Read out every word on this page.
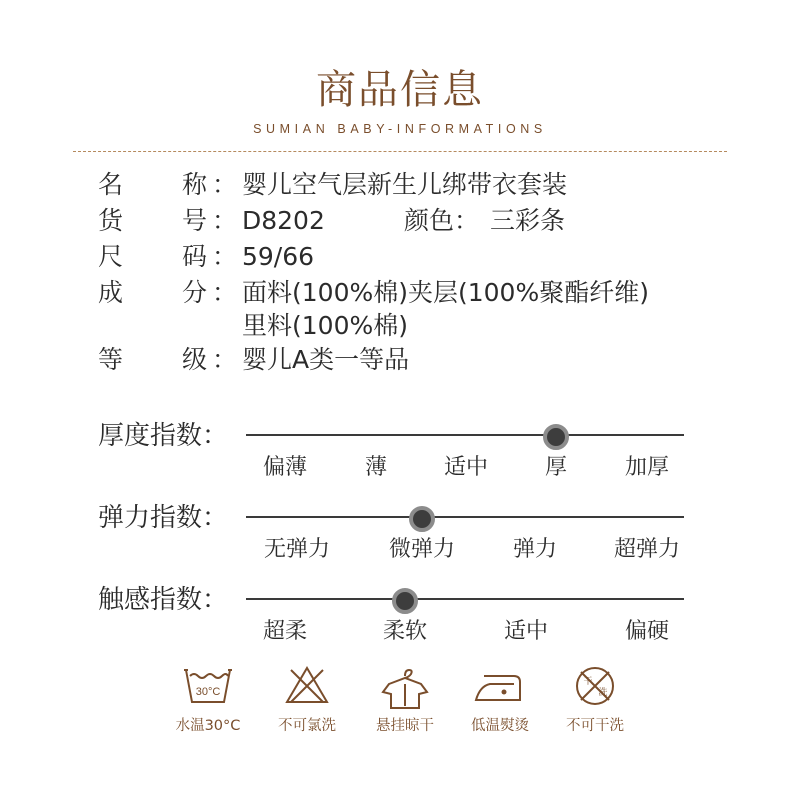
商品信息
SUMIAN BABY-INFORMATIONS
名 称 ： 婴儿空气层新生儿绑带衣套装
货 号 ： D8202	颜色： 三彩条
尺 码 ： 59/66
成 分 ： 面料(100%棉)夹层(100%聚酯纤维)
里料(100%棉)
等 级 ： 婴儿A类一等品
厚度指数：
偏薄	薄	适中	厚	加厚
弹力指数：
无弹力	微弹力	弹力	超弹力
触感指数：
超柔	柔软	适中	偏硬
30°C
水温30°C	不可氯洗	悬挂晾干	低温熨烫
干
洗
不可干洗
